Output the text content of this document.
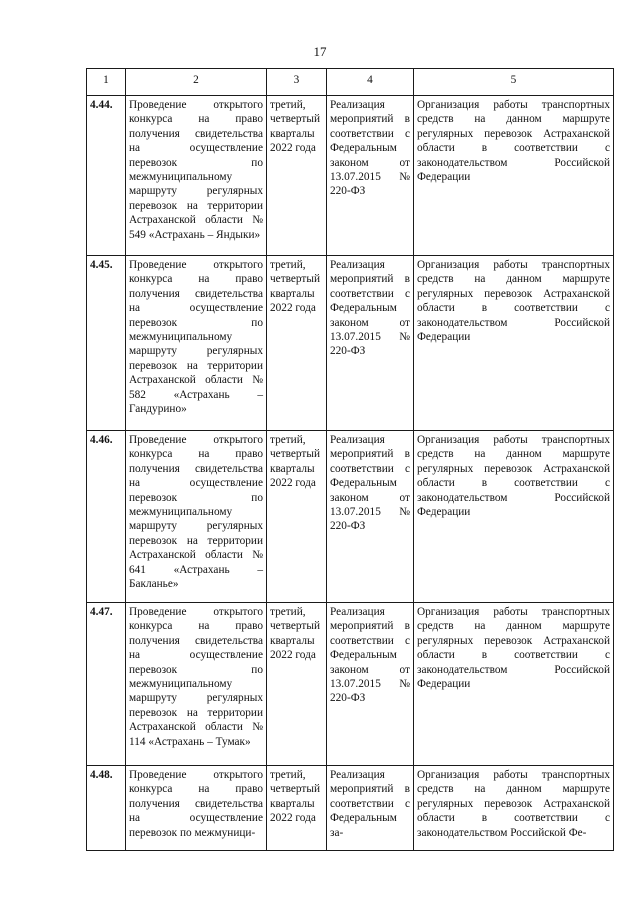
17
1	2	3	4	5
4.44.	Проведение открытого конкурса на право получения свидетельства на осуществление перевозок по межмуниципальному маршруту регулярных перевозок на территории Астраханской области № 549 «Астрахань – Яндыки»	третий, четвертый кварталы 2022 года	Реализация мероприятий в соответствии с Федеральным законом от 13.07.2015 № 220-ФЗ	Организация работы транспортных средств на данном маршруте регулярных перевозок Астраханской области в соответствии с законодательством Российской Федерации
4.45.	Проведение открытого конкурса на право получения свидетельства на осуществление перевозок по межмуниципальному маршруту регулярных перевозок на территории Астраханской области № 582 «Астрахань – Гандурино»	третий, четвертый кварталы 2022 года	Реализация мероприятий в соответствии с Федеральным законом от 13.07.2015 № 220-ФЗ	Организация работы транспортных средств на данном маршруте регулярных перевозок Астраханской области в соответствии с законодательством Российской Федерации
4.46.	Проведение открытого конкурса на право получения свидетельства на осуществление перевозок по межмуниципальному маршруту регулярных перевозок на территории Астраханской области № 641 «Астрахань – Бакланье»	третий, четвертый кварталы 2022 года	Реализация мероприятий в соответствии с Федеральным законом от 13.07.2015 № 220-ФЗ	Организация работы транспортных средств на данном маршруте регулярных перевозок Астраханской области в соответствии с законодательством Российской Федерации
4.47.	Проведение открытого конкурса на право получения свидетельства на осуществление перевозок по межмуниципальному маршруту регулярных перевозок на территории Астраханской области № 114 «Астрахань – Тумак»	третий, четвертый кварталы 2022 года	Реализация мероприятий в соответствии с Федеральным законом от 13.07.2015 № 220-ФЗ	Организация работы транспортных средств на данном маршруте регулярных перевозок Астраханской области в соответствии с законодательством Российской Федерации
4.48.	Проведение открытого конкурса на право получения свидетельства на осуществление перевозок по межмуници-	третий, четвертый кварталы 2022 года	Реализация мероприятий в соответствии с Федеральным за-	Организация работы транспортных средств на данном маршруте регулярных перевозок Астраханской области в соответствии с законодательством Российской Фе-
